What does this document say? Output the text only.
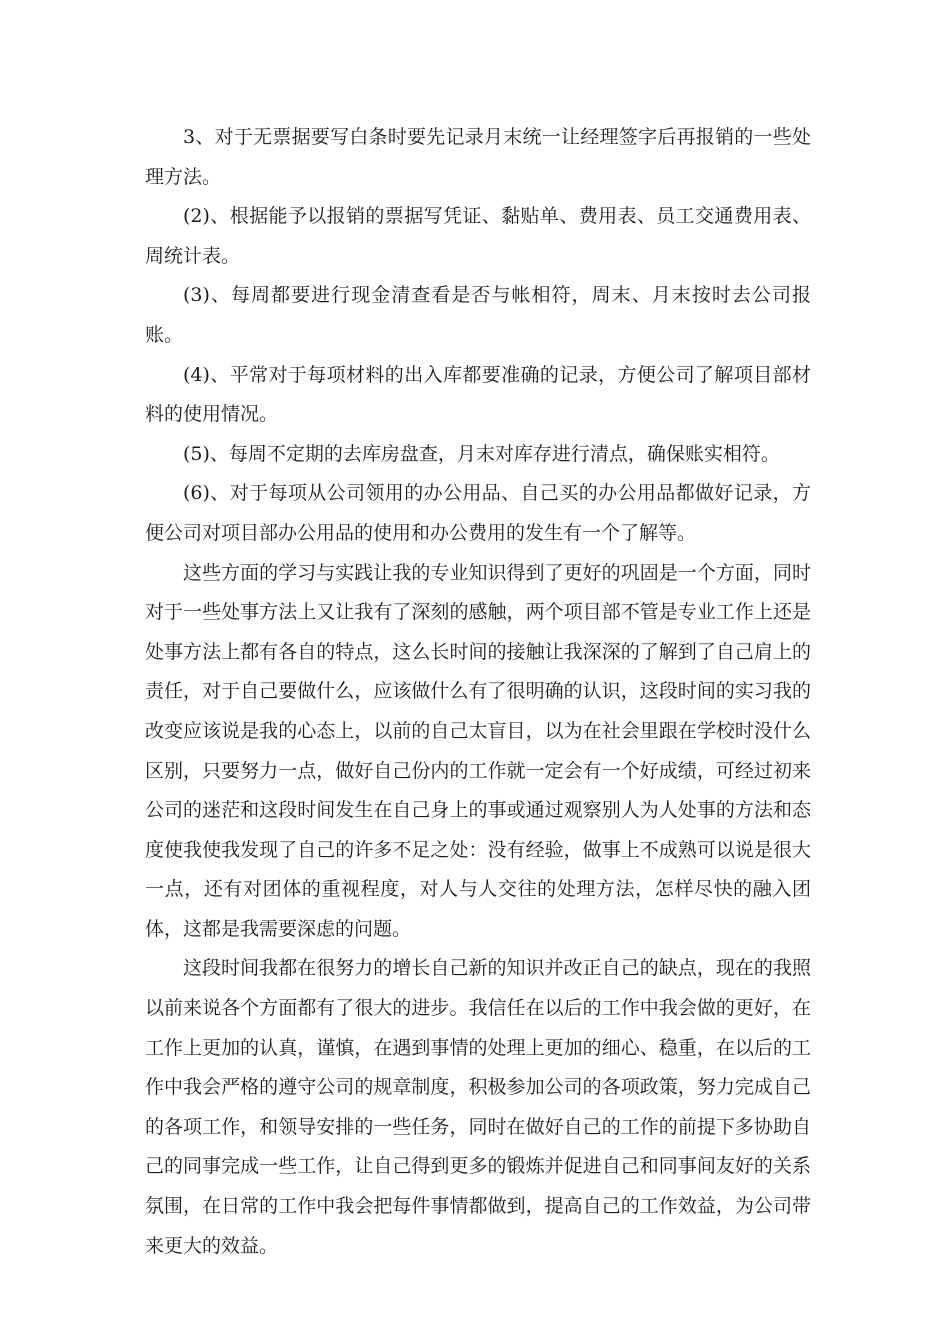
3、对于无票据要写白条时要先记录月末统一让经理签字后再报销的一些处理方法。

(2)、根据能予以报销的票据写凭证、黏贴单、费用表、员工交通费用表、周统计表。

(3)、每周都要进行现金清查看是否与帐相符，周末、月末按时去公司报账。

(4)、平常对于每项材料的出入库都要准确的记录，方便公司了解项目部材料的使用情况。

(5)、每周不定期的去库房盘查，月末对库存进行清点，确保账实相符。

(6)、对于每项从公司领用的办公用品、自己买的办公用品都做好记录，方便公司对项目部办公用品的使用和办公费用的发生有一个了解等。

这些方面的学习与实践让我的专业知识得到了更好的巩固是一个方面，同时对于一些处事方法上又让我有了深刻的感触，两个项目部不管是专业工作上还是处事方法上都有各自的特点，这么长时间的接触让我深深的了解到了自己肩上的责任，对于自己要做什么，应该做什么有了很明确的认识，这段时间的实习我的改变应该说是我的心态上，以前的自己太盲目，以为在社会里跟在学校时没什么区别，只要努力一点，做好自己份内的工作就一定会有一个好成绩，可经过初来公司的迷茫和这段时间发生在自己身上的事或通过观察别人为人处事的方法和态度使我使我发现了自己的许多不足之处：没有经验，做事上不成熟可以说是很大一点，还有对团体的重视程度，对人与人交往的处理方法，怎样尽快的融入团体，这都是我需要深虑的问题。

这段时间我都在很努力的增长自己新的知识并改正自己的缺点，现在的我照以前来说各个方面都有了很大的进步。我信任在以后的工作中我会做的更好，在工作上更加的认真，谨慎，在遇到事情的处理上更加的细心、稳重，在以后的工作中我会严格的遵守公司的规章制度，积极参加公司的各项政策，努力完成自己的各项工作，和领导安排的一些任务，同时在做好自己的工作的前提下多协助自己的同事完成一些工作，让自己得到更多的锻炼并促进自己和同事间友好的关系氛围，在日常的工作中我会把每件事情都做到，提高自己的工作效益，为公司带来更大的效益。
